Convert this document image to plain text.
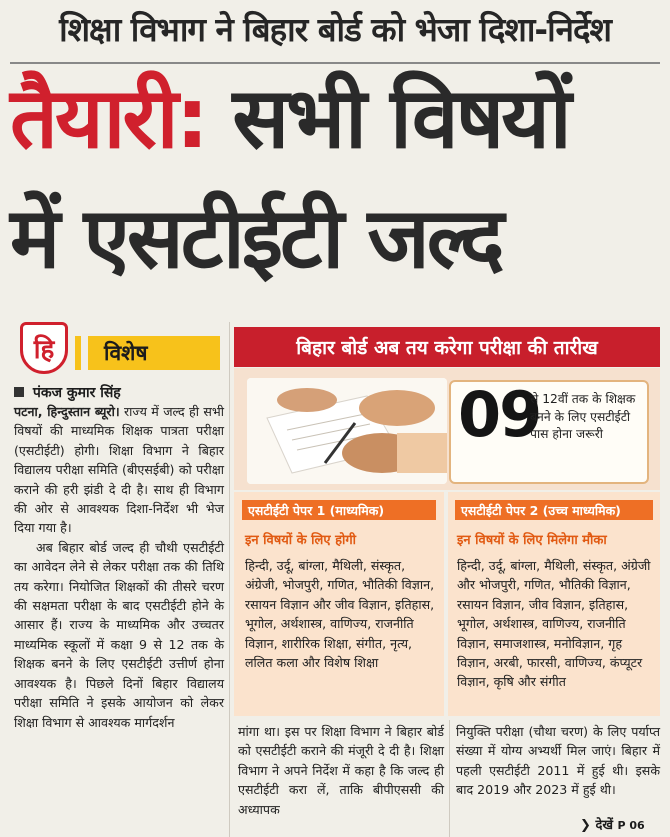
शिक्षा विभाग ने बिहार बोर्ड को भेजा दिशा-निर्देश
तैयारी: सभी विषयों
में एसटीईटी जल्द
हि	विशेष
पंकज कुमार सिंह

पटना, हिन्दुस्तान ब्यूरो। राज्य में जल्द ही सभी विषयों की माध्यमिक शिक्षक पात्रता परीक्षा (एसटीईटी) होगी। शिक्षा विभाग ने बिहार विद्यालय परीक्षा समिति (बीएसईबी) को परीक्षा कराने की हरी झंडी दे दी है। साथ ही विभाग की ओर से आवश्यक दिशा-निर्देश भी भेज दिया गया है।

अब बिहार बोर्ड जल्द ही चौथी एसटीईटी का आवेदन लेने से लेकर परीक्षा तक की तिथि तय करेगा। नियोजित शिक्षकों की तीसरे चरण की सक्षमता परीक्षा के बाद एसटीईटी होने के आसार हैं। राज्य के माध्यमिक और उच्चतर माध्यमिक स्कूलों में कक्षा 9 से 12 तक के शिक्षक बनने के लिए एसटीईटी उत्तीर्ण होना आवश्यक है। पिछले दिनों बिहार विद्यालय परीक्षा समिति ने इसके आयोजन को लेकर शिक्षा विभाग से आवश्यक मार्गदर्शन

बिहार बोर्ड अब तय करेगा परीक्षा की तारीख
09
से 12वीं तक के शिक्षक बनने के लिए एसटीईटी पास होना जरूरी
एसटीईटी पेपर 1 (माध्यमिक)	एसटीईटी पेपर 2 (उच्च माध्यमिक)
इन विषयों के लिए होगी	इन विषयों के लिए मिलेगा मौका
हिन्दी, उर्दू, बांग्ला, मैथिली, संस्कृत, अंग्रेजी, भोजपुरी, गणित, भौतिकी विज्ञान, रसायन विज्ञान और जीव विज्ञान, इतिहास, भूगोल, अर्थशास्त्र, वाणिज्य, राजनीति विज्ञान, शारीरिक शिक्षा, संगीत, नृत्य, ललित कला और विशेष शिक्षा
हिन्दी, उर्दू, बांग्ला, मैथिली, संस्कृत, अंग्रेजी और भोजपुरी, गणित, भौतिकी विज्ञान, रसायन विज्ञान, जीव विज्ञान, इतिहास, भूगोल, अर्थशास्त्र, वाणिज्य, राजनीति विज्ञान, समाजशास्त्र, मनोविज्ञान, गृह विज्ञान, अरबी, फारसी, वाणिज्य, कंप्यूटर विज्ञान, कृषि और संगीत
मांगा था। इस पर शिक्षा विभाग ने बिहार बोर्ड को एसटीईटी कराने की मंजूरी दे दी है। शिक्षा विभाग ने अपने निर्देश में कहा है कि जल्द ही एसटीईटी करा लें, ताकि बीपीएससी की अध्यापक
नियुक्ति परीक्षा (चौथा चरण) के लिए पर्याप्त संख्या में योग्य अभ्यर्थी मिल जाएं। बिहार में पहली एसटीईटी 2011 में हुई थी। इसके बाद 2019 और 2023 में हुई थी।
❯ देखें P 06
